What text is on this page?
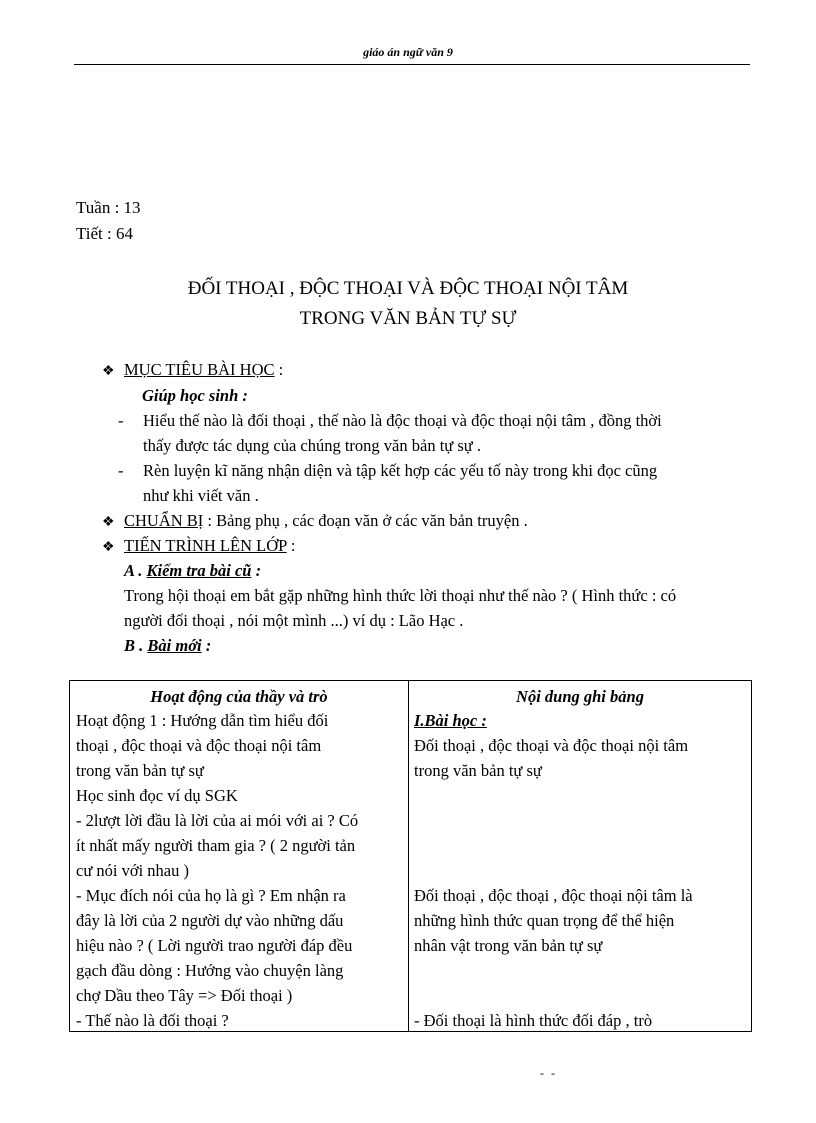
giáo án ngữ văn 9
Tuần : 13
Tiết : 64
ĐỐI THOẠI , ĐỘC THOẠI VÀ ĐỘC THOẠI NỘI TÂM
TRONG VĂN BẢN TỰ SỰ
❖ MỤC TIÊU BÀI HỌC :
Giúp học sinh :
- Hiểu thế nào là đối thoại , thế nào là độc thoại và độc thoại nội tâm , đồng thời
thấy được tác dụng của chúng trong văn bản tự sự .
- Rèn luyện kĩ năng nhận diện và tập kết hợp các yếu tố này trong khi đọc cũng
như khi viết văn .
❖ CHUẨN BỊ : Bảng phụ , các đoạn văn ở các văn bản truyện .
❖ TIẾN TRÌNH LÊN LỚP :
A . Kiểm tra bài cũ :
Trong hội thoại em bắt gặp những hình thức lời thoại như thế nào ? ( Hình thức : có
người đối thoại , nói một mình ...) ví dụ : Lão Hạc .
B . Bài mới :
Hoạt động của thầy và trò	Nội dung ghi bảng
Hoạt động 1 : Hướng dẫn tìm hiểu đối
thoại , độc thoại và độc thoại nội tâm
trong văn bản tự sự
Học sinh đọc ví dụ SGK
- 2lượt lời đầu là lời của ai mói với ai ? Có
ít nhất mấy người tham gia ? ( 2 người tản
cư nói với nhau )
- Mục đích nói của họ là gì ? Em nhận ra
đây là lời của 2 người dự vào những dấu
hiệu nào ? ( Lời người trao người đáp đều
gạch đầu dòng : Hướng vào chuyện làng
chợ Dầu theo Tây => Đối thoại )
- Thế nào là đối thoại ?
I.Bài học :
Đối thoại , độc thoại và độc thoại nội tâm
trong văn bản tự sự
Đối thoại , độc thoại , độc thoại nội tâm là
những hình thức quan trọng để thể hiện
nhân vật trong văn bản tự sự
- Đối thoại là hình thức đối đáp , trò
- -
